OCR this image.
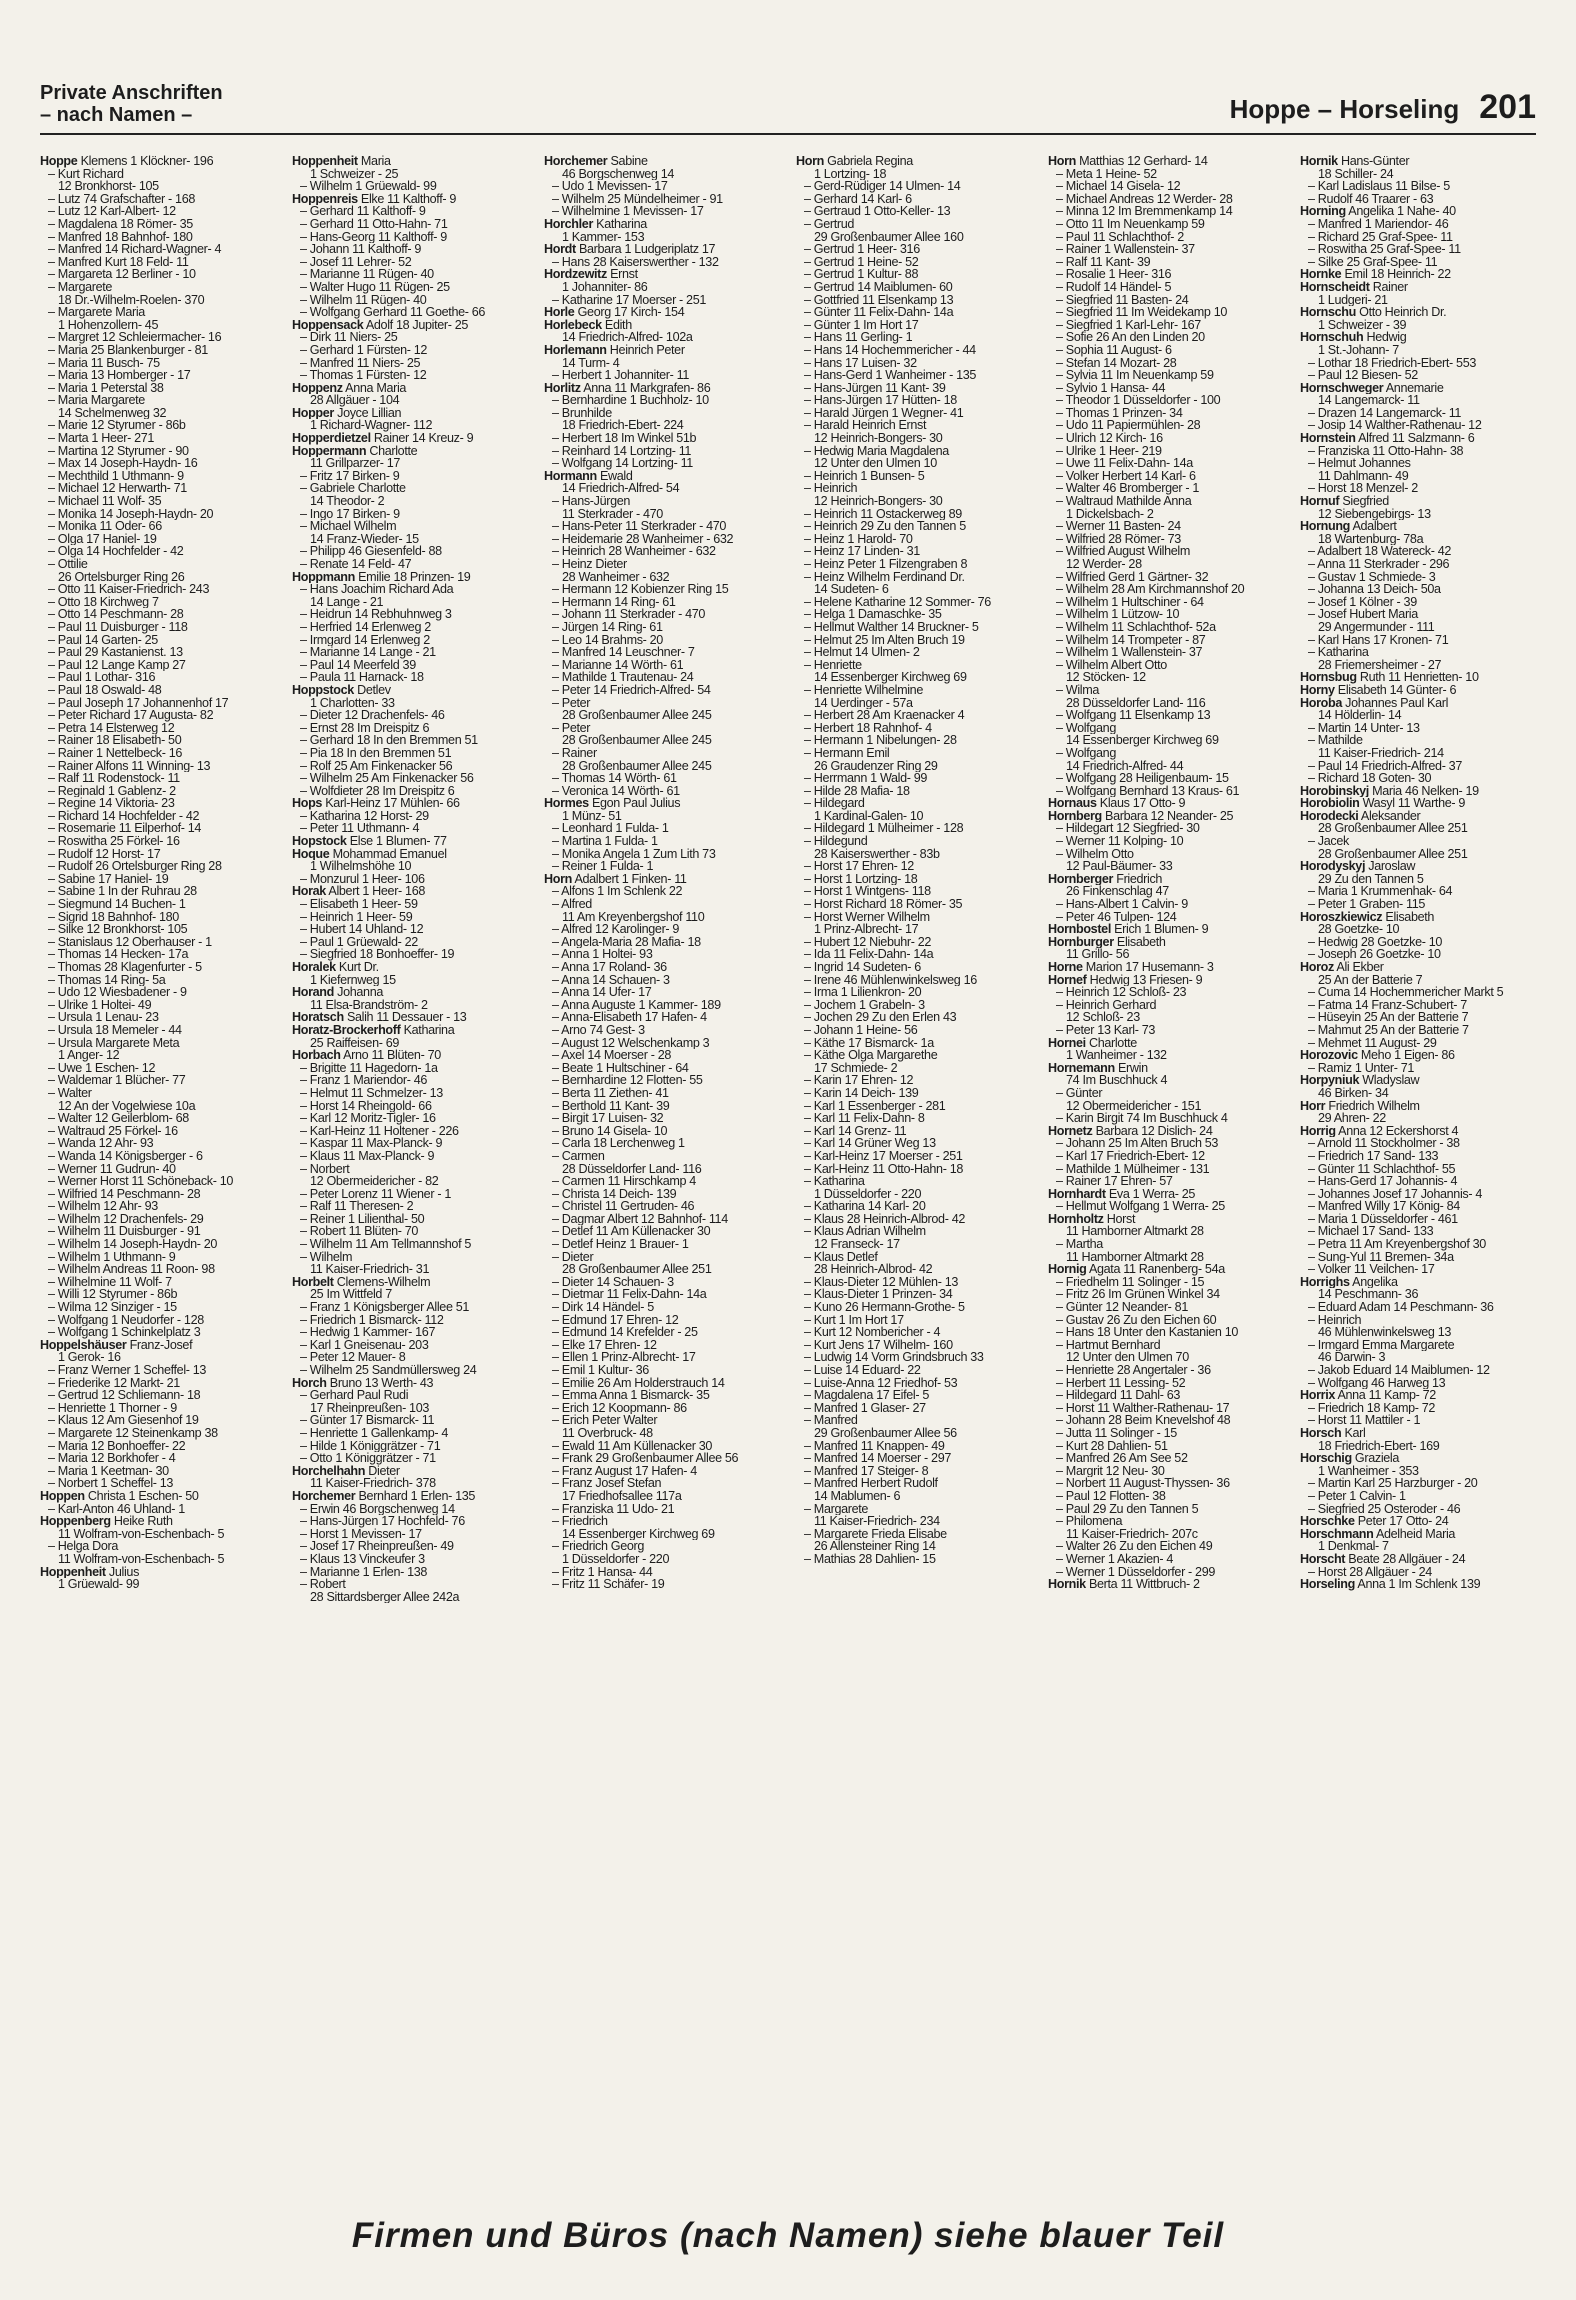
Private Anschriften
– nach Namen –	Hoppe – Horseling 201
Hoppe Klemens 1 Klöckner- 196
– Kurt Richard
12 Bronkhorst- 105
– Lutz 74 Grafschafter - 168
– Lutz 12 Karl-Albert- 12
– Magdalena 18 Römer- 35
– Manfred 18 Bahnhof- 180
– Manfred 14 Richard-Wagner- 4
– Manfred Kurt 18 Feld- 11
– Margareta 12 Berliner - 10
– Margarete
18 Dr.-Wilhelm-Roelen- 370
– Margarete Maria
1 Hohenzollern- 45
– Margret 12 Schleiermacher- 16
– Maria 25 Blankenburger - 81
– Maria 11 Busch- 75
– Maria 13 Homberger - 17
– Maria 1 Peterstal 38
– Maria Margarete
14 Schelmenweg 32
– Marie 12 Styrumer - 86b
– Marta 1 Heer- 271
– Martina 12 Styrumer - 90
– Max 14 Joseph-Haydn- 16
– Mechthild 1 Uthmann- 9
– Michael 12 Herwarth- 71
– Michael 11 Wolf- 35
– Monika 14 Joseph-Haydn- 20
– Monika 11 Oder- 66
– Olga 17 Haniel- 19
– Olga 14 Hochfelder - 42
– Ottilie
26 Ortelsburger Ring 26
– Otto 11 Kaiser-Friedrich- 243
– Otto 18 Kirchweg 7
– Otto 14 Peschmann- 28
– Paul 11 Duisburger - 118
– Paul 14 Garten- 25
– Paul 29 Kastanienst. 13
– Paul 12 Lange Kamp 27
– Paul 1 Lothar- 316
– Paul 18 Oswald- 48
– Paul Joseph 17 Johannenhof 17
– Peter Richard 17 Augusta- 82
– Petra 14 Elsterweg 12
– Rainer 18 Elisabeth- 50
– Rainer 1 Nettelbeck- 16
– Rainer Alfons 11 Winning- 13
– Ralf 11 Rodenstock- 11
– Reginald 1 Gablenz- 2
– Regine 14 Viktoria- 23
– Richard 14 Hochfelder - 42
– Rosemarie 11 Eilperhof- 14
– Roswitha 25 Förkel- 16
– Rudolf 12 Horst- 17
– Rudolf 26 Ortelsburger Ring 28
– Sabine 17 Haniel- 19
– Sabine 1 In der Ruhrau 28
– Siegmund 14 Buchen- 1
– Sigrid 18 Bahnhof- 180
– Silke 12 Bronkhorst- 105
– Stanislaus 12 Oberhauser - 1
– Thomas 14 Hecken- 17a
– Thomas 28 Klagenfurter - 5
– Thomas 14 Ring- 5a
– Udo 12 Wiesbadener - 9
– Ulrike 1 Holtei- 49
– Ursula 1 Lenau- 23
– Ursula 18 Memeler - 44
– Ursula Margarete Meta
1 Anger- 12
– Uwe 1 Eschen- 12
– Waldemar 1 Blücher- 77
– Walter
12 An der Vogelwiese 10a
– Walter 12 Geilerblom- 68
– Waltraud 25 Förkel- 16
– Wanda 12 Ahr- 93
– Wanda 14 Königsberger - 6
– Werner 11 Gudrun- 40
– Werner Horst 11 Schöneback- 10
– Wilfried 14 Peschmann- 28
– Wilhelm 12 Ahr- 93
– Wilhelm 12 Drachenfels- 29
– Wilhelm 11 Duisburger - 91
– Wilhelm 14 Joseph-Haydn- 20
– Wilhelm 1 Uthmann- 9
– Wilhelm Andreas 11 Roon- 98
– Wilhelmine 11 Wolf- 7
– Willi 12 Styrumer - 86b
– Wilma 12 Sinziger - 15
– Wolfgang 1 Neudorfer - 128
– Wolfgang 1 Schinkelplatz 3
Hoppelshäuser Franz-Josef
1 Gerok- 16
– Franz Werner 1 Scheffel- 13
– Friederike 12 Markt- 21
– Gertrud 12 Schliemann- 18
– Henriette 1 Thorner - 9
– Klaus 12 Am Giesenhof 19
– Margarete 12 Steinenkamp 38
– Maria 12 Bonhoeffer- 22
– Maria 12 Borkhofer - 4
– Maria 1 Keetman- 30
– Norbert 1 Scheffel- 13
Hoppen Christa 1 Eschen- 50
– Karl-Anton 46 Uhland- 1
Hoppenberg Heike Ruth
11 Wolfram-von-Eschenbach- 5
– Helga Dora
11 Wolfram-von-Eschenbach- 5
Hoppenheit Julius
1 Grüewald- 99
Hoppenheit Maria
1 Schweizer - 25
– Wilhelm 1 Grüewald- 99
Hoppenreis Elke 11 Kalthoff- 9
– Gerhard 11 Kalthoff- 9
– Gerhard 11 Otto-Hahn- 71
– Hans-Georg 11 Kalthoff- 9
– Johann 11 Kalthoff- 9
– Josef 11 Lehrer- 52
– Marianne 11 Rügen- 40
– Walter Hugo 11 Rügen- 25
– Wilhelm 11 Rügen- 40
– Wolfgang Gerhard 11 Goethe- 66
Hoppensack Adolf 18 Jupiter- 25
– Dirk 11 Niers- 25
– Gerhard 1 Fürsten- 12
– Manfred 11 Niers- 25
– Thomas 1 Fürsten- 12
Hoppenz Anna Maria
28 Allgäuer - 104
Hopper Joyce Lillian
1 Richard-Wagner- 112
Hopperdietzel Rainer 14 Kreuz- 9
Hoppermann Charlotte
11 Grillparzer- 17
– Fritz 17 Birken- 9
– Gabriele Charlotte
14 Theodor- 2
– Ingo 17 Birken- 9
– Michael Wilhelm
14 Franz-Wieder- 15
– Philipp 46 Giesenfeld- 88
– Renate 14 Feld- 47
Hoppmann Emilie 18 Prinzen- 19
– Hans Joachim Richard Ada
14 Lange - 21
– Heidrun 14 Rebhuhnweg 3
– Herfried 14 Erlenweg 2
– Irmgard 14 Erlenweg 2
– Marianne 14 Lange - 21
– Paul 14 Meerfeld 39
– Paula 11 Harnack- 18
Hoppstock Detlev
1 Charlotten- 33
– Dieter 12 Drachenfels- 46
– Ernst 28 Im Dreispitz 6
– Gerhard 18 In den Bremmen 51
– Pia 18 In den Bremmen 51
– Rolf 25 Am Finkenacker 56
– Wilhelm 25 Am Finkenacker 56
– Wolfdieter 28 Im Dreispitz 6
Hops Karl-Heinz 17 Mühlen- 66
– Katharina 12 Horst- 29
– Peter 11 Uthmann- 4
Hopstock Else 1 Blumen- 77
Hoque Mohammad Emanuel
1 Wilhelmshöhe 10
– Monzurul 1 Heer- 106
Horak Albert 1 Heer- 168
– Elisabeth 1 Heer- 59
– Heinrich 1 Heer- 59
– Hubert 14 Uhland- 12
– Paul 1 Grüewald- 22
– Siegfried 18 Bonhoeffer- 19
Horalek Kurt Dr.
1 Kiefernweg 15
Horand Johanna
11 Elsa-Brandström- 2
Horatsch Salih 11 Dessauer - 13
Horatz-Brockerhoff Katharina
25 Raiffeisen- 69
Horbach Arno 11 Blüten- 70
– Brigitte 11 Hagedorn- 1a
– Franz 1 Mariendor- 46
– Helmut 11 Schmelzer- 13
– Horst 14 Rheingold- 66
– Karl 12 Moritz-Tigler- 16
– Karl-Heinz 11 Holtener - 226
– Kaspar 11 Max-Planck- 9
– Klaus 11 Max-Planck- 9
– Norbert
12 Obermeidericher - 82
– Peter Lorenz 11 Wiener - 1
– Ralf 11 Theresen- 2
– Reiner 1 Lilienthal- 50
– Robert 11 Blüten- 70
– Wilhelm 11 Am Tellmannshof 5
– Wilhelm
11 Kaiser-Friedrich- 31
Horbelt Clemens-Wilhelm
25 Im Wittfeld 7
– Franz 1 Königsberger Allee 51
– Friedrich 1 Bismarck- 112
– Hedwig 1 Kammer- 167
– Karl 1 Gneisenau- 203
– Peter 12 Mauer- 8
– Wilhelm 25 Sandmüllersweg 24
Horch Bruno 13 Werth- 43
– Gerhard Paul Rudi
17 Rheinpreußen- 103
– Günter 17 Bismarck- 11
– Henriette 1 Gallenkamp- 4
– Hilde 1 Königgrätzer - 71
– Otto 1 Königgrätzer - 71
Horchelhahn Dieter
11 Kaiser-Friedrich- 378
Horchemer Bernhard 1 Erlen- 135
– Erwin 46 Borgschenweg 14
– Hans-Jürgen 17 Hochfeld- 76
– Horst 1 Mevissen- 17
– Josef 17 Rheinpreußen- 49
– Klaus 13 Vinckeufer 3
– Marianne 1 Erlen- 138
– Robert
28 Sittardsberger Allee 242a
Horchemer Sabine
46 Borgschenweg 14
– Udo 1 Mevissen- 17
– Wilhelm 25 Mündelheimer - 91
– Wilhelmine 1 Mevissen- 17
Horchler Katharina
1 Kammer- 153
Hordt Barbara 1 Ludgeriplatz 17
– Hans 28 Kaiserswerther - 132
Hordzewitz Ernst
1 Johanniter- 86
– Katharine 17 Moerser - 251
Horle Georg 17 Kirch- 154
Horlebeck Edith
14 Friedrich-Alfred- 102a
Horlemann Heinrich Peter
14 Turm- 4
– Herbert 1 Johanniter- 11
Horlitz Anna 11 Markgrafen- 86
– Bernhardine 1 Buchholz- 10
– Brunhilde
18 Friedrich-Ebert- 224
– Herbert 18 Im Winkel 51b
– Reinhard 14 Lortzing- 11
– Wolfgang 14 Lortzing- 11
Hormann Ewald
14 Friedrich-Alfred- 54
– Hans-Jürgen
11 Sterkrader - 470
– Hans-Peter 11 Sterkrader - 470
– Heidemarie 28 Wanheimer - 632
– Heinrich 28 Wanheimer - 632
– Heinz Dieter
28 Wanheimer - 632
– Hermann 12 Kobienzer Ring 15
– Hermann 14 Ring- 61
– Johann 11 Sterkrader - 470
– Jürgen 14 Ring- 61
– Leo 14 Brahms- 20
– Manfred 14 Leuschner- 7
– Marianne 14 Wörth- 61
– Mathilde 1 Trautenau- 24
– Peter 14 Friedrich-Alfred- 54
– Peter
28 Großenbaumer Allee 245
– Peter
28 Großenbaumer Allee 245
– Rainer
28 Großenbaumer Allee 245
– Thomas 14 Wörth- 61
– Veronica 14 Wörth- 61
Hormes Egon Paul Julius
1 Münz- 51
– Leonhard 1 Fulda- 1
– Martina 1 Fulda- 1
– Monika Angela 1 Zum Lith 73
– Reiner 1 Fulda- 1
Horn Adalbert 1 Finken- 11
– Alfons 1 Im Schlenk 22
– Alfred
11 Am Kreyenbergshof 110
– Alfred 12 Karolinger- 9
– Angela-Maria 28 Mafia- 18
– Anna 1 Holtei- 93
– Anna 17 Roland- 36
– Anna 14 Schauen- 3
– Anna 14 Ufer- 17
– Anna Auguste 1 Kammer- 189
– Anna-Elisabeth 17 Hafen- 4
– Arno 74 Gest- 3
– August 12 Welschenkamp 3
– Axel 14 Moerser - 28
– Beate 1 Hultschiner - 64
– Bernhardine 12 Flotten- 55
– Berta 11 Ziethen- 41
– Berthold 11 Kant- 39
– Birgit 17 Luisen- 32
– Bruno 14 Gisela- 10
– Carla 18 Lerchenweg 1
– Carmen
28 Düsseldorfer Land- 116
– Carmen 11 Hirschkamp 4
– Christa 14 Deich- 139
– Christel 11 Gertruden- 46
– Dagmar Albert 12 Bahnhof- 114
– Detlef 11 Am Küllenacker 30
– Detlef Heinz 1 Brauer- 1
– Dieter
28 Großenbaumer Allee 251
– Dieter 14 Schauen- 3
– Dietmar 11 Felix-Dahn- 14a
– Dirk 14 Händel- 5
– Edmund 17 Ehren- 12
– Edmund 14 Krefelder - 25
– Elke 17 Ehren- 12
– Ellen 1 Prinz-Albrecht- 17
– Emil 1 Kultur- 36
– Emilie 26 Am Holderstrauch 14
– Emma Anna 1 Bismarck- 35
– Erich 12 Koopmann- 86
– Erich Peter Walter
11 Overbruck- 48
– Ewald 11 Am Küllenacker 30
– Frank 29 Großenbaumer Allee 56
– Franz August 17 Hafen- 4
– Franz Josef Stefan
17 Friedhofsallee 117a
– Franziska 11 Udo- 21
– Friedrich
14 Essenberger Kirchweg 69
– Friedrich Georg
1 Düsseldorfer - 220
– Fritz 1 Hansa- 44
– Fritz 11 Schäfer- 19
Horn Gabriela Regina
1 Lortzing- 18
– Gerd-Rüdiger 14 Ulmen- 14
– Gerhard 14 Karl- 6
– Gertraud 1 Otto-Keller- 13
– Gertrud
29 Großenbaumer Allee 160
– Gertrud 1 Heer- 316
– Gertrud 1 Heine- 52
– Gertrud 1 Kultur- 88
– Gertrud 14 Maiblumen- 60
– Gottfried 11 Elsenkamp 13
– Günter 11 Felix-Dahn- 14a
– Günter 1 Im Hort 17
– Hans 11 Gerling- 1
– Hans 14 Hochemmericher - 44
– Hans 17 Luisen- 32
– Hans-Gerd 1 Wanheimer - 135
– Hans-Jürgen 11 Kant- 39
– Hans-Jürgen 17 Hütten- 18
– Harald Jürgen 1 Wegner- 41
– Harald Heinrich Ernst
12 Heinrich-Bongers- 30
– Hedwig Maria Magdalena
12 Unter den Ulmen 10
– Heinrich 1 Bunsen- 5
– Heinrich
12 Heinrich-Bongers- 30
– Heinrich 11 Ostackerweg 89
– Heinrich 29 Zu den Tannen 5
– Heinz 1 Harold- 70
– Heinz 17 Linden- 31
– Heinz Peter 1 Filzengraben 8
– Heinz Wilhelm Ferdinand Dr.
14 Sudeten- 6
– Helene Katharine 12 Sommer- 76
– Helga 1 Damaschke- 35
– Hellmut Walther 14 Bruckner- 5
– Helmut 25 Im Alten Bruch 19
– Helmut 14 Ulmen- 2
– Henriette
14 Essenberger Kirchweg 69
– Henriette Wilhelmine
14 Uerdinger - 57a
– Herbert 28 Am Kraenacker 4
– Herbert 18 Rahnhof- 4
– Hermann 1 Nibelungen- 28
– Hermann Emil
26 Graudenzer Ring 29
– Herrmann 1 Wald- 99
– Hilde 28 Mafia- 18
– Hildegard
1 Kardinal-Galen- 10
– Hildegard 1 Mülheimer - 128
– Hildegund
28 Kaiserswerther - 83b
– Horst 17 Ehren- 12
– Horst 1 Lortzing- 18
– Horst 1 Wintgens- 118
– Horst Richard 18 Römer- 35
– Horst Werner Wilhelm
1 Prinz-Albrecht- 17
– Hubert 12 Niebuhr- 22
– Ida 11 Felix-Dahn- 14a
– Ingrid 14 Sudeten- 6
– Irene 46 Mühlenwinkelsweg 16
– Irma 1 Lilienkron- 20
– Jochem 1 Grabeln- 3
– Jochen 29 Zu den Erlen 43
– Johann 1 Heine- 56
– Käthe 17 Bismarck- 1a
– Käthe Olga Margarethe
17 Schmiede- 2
– Karin 17 Ehren- 12
– Karin 14 Deich- 139
– Karl 1 Essenberger - 281
– Karl 11 Felix-Dahn- 8
– Karl 14 Grenz- 11
– Karl 14 Grüner Weg 13
– Karl-Heinz 17 Moerser - 251
– Karl-Heinz 11 Otto-Hahn- 18
– Katharina
1 Düsseldorfer - 220
– Katharina 14 Karl- 20
– Klaus 28 Heinrich-Albrod- 42
– Klaus Adrian Wilhelm
12 Franseck- 17
– Klaus Detlef
28 Heinrich-Albrod- 42
– Klaus-Dieter 12 Mühlen- 13
– Klaus-Dieter 1 Prinzen- 34
– Kuno 26 Hermann-Grothe- 5
– Kurt 1 Im Hort 17
– Kurt 12 Nombericher - 4
– Kurt Jens 17 Wilhelm- 160
– Ludwig 14 Vorm Grindsbruch 33
– Luise 14 Eduard- 22
– Luise-Anna 12 Friedhof- 53
– Magdalena 17 Eifel- 5
– Manfred 1 Glaser- 27
– Manfred
29 Großenbaumer Allee 56
– Manfred 11 Knappen- 49
– Manfred 14 Moerser - 297
– Manfred 17 Steiger- 8
– Manfred Herbert Rudolf
14 Mablumen- 6
– Margarete
11 Kaiser-Friedrich- 234
– Margarete Frieda Elisabe
26 Allensteiner Ring 14
– Mathias 28 Dahlien- 15
Horn Matthias 12 Gerhard- 14
– Meta 1 Heine- 52
– Michael 14 Gisela- 12
– Michael Andreas 12 Werder- 28
– Minna 12 Im Bremmenkamp 14
– Otto 11 Im Neuenkamp 59
– Paul 11 Schlachthof- 2
– Rainer 1 Wallenstein- 37
– Ralf 11 Kant- 39
– Rosalie 1 Heer- 316
– Rudolf 14 Händel- 5
– Siegfried 11 Basten- 24
– Siegfried 11 Im Weidekamp 10
– Siegfried 1 Karl-Lehr- 167
– Sofie 26 An den Linden 20
– Sophia 11 August- 6
– Stefan 14 Mozart- 28
– Sylvia 11 Im Neuenkamp 59
– Sylvio 1 Hansa- 44
– Theodor 1 Düsseldorfer - 100
– Thomas 1 Prinzen- 34
– Udo 11 Papiermühlen- 28
– Ulrich 12 Kirch- 16
– Ulrike 1 Heer- 219
– Uwe 11 Felix-Dahn- 14a
– Volker Herbert 14 Karl- 6
– Walter 46 Bromberger - 1
– Waltraud Mathilde Anna
1 Dickelsbach- 2
– Werner 11 Basten- 24
– Wilfried 28 Römer- 73
– Wilfried August Wilhelm
12 Werder- 28
– Wilfried Gerd 1 Gärtner- 32
– Wilhelm 28 Am Kirchmannshof 20
– Wilhelm 1 Hultschiner - 64
– Wilhelm 1 Lützow- 10
– Wilhelm 11 Schlachthof- 52a
– Wilhelm 14 Trompeter - 87
– Wilhelm 1 Wallenstein- 37
– Wilhelm Albert Otto
12 Stöcken- 12
– Wilma
28 Düsseldorfer Land- 116
– Wolfgang 11 Elsenkamp 13
– Wolfgang
14 Essenberger Kirchweg 69
– Wolfgang
14 Friedrich-Alfred- 44
– Wolfgang 28 Heiligenbaum- 15
– Wolfgang Bernhard 13 Kraus- 61
Hornaus Klaus 17 Otto- 9
Hornberg Barbara 12 Neander- 25
– Hildegart 12 Siegfried- 30
– Werner 11 Kolping- 10
– Wilhelm Otto
12 Paul-Bäumer- 33
Hornberger Friedrich
26 Finkenschlag 47
– Hans-Albert 1 Calvin- 9
– Peter 46 Tulpen- 124
Hornbostel Erich 1 Blumen- 9
Hornburger Elisabeth
11 Grillo- 56
Horne Marion 17 Husemann- 3
Hornef Hedwig 13 Friesen- 9
– Heinrich 12 Schloß- 23
– Heinrich Gerhard
12 Schloß- 23
– Peter 13 Karl- 73
Hornei Charlotte
1 Wanheimer - 132
Hornemann Erwin
74 Im Buschhuck 4
– Günter
12 Obermeidericher - 151
– Karin Birgit 74 Im Buschhuck 4
Hornetz Barbara 12 Dislich- 24
– Johann 25 Im Alten Bruch 53
– Karl 17 Friedrich-Ebert- 12
– Mathilde 1 Mülheimer - 131
– Rainer 17 Ehren- 57
Hornhardt Eva 1 Werra- 25
– Hellmut Wolfgang 1 Werra- 25
Hornholtz Horst
11 Hamborner Altmarkt 28
– Martha
11 Hamborner Altmarkt 28
Hornig Agata 11 Ranenberg- 54a
– Friedhelm 11 Solinger - 15
– Fritz 26 Im Grünen Winkel 34
– Günter 12 Neander- 81
– Gustav 26 Zu den Eichen 60
– Hans 18 Unter den Kastanien 10
– Hartmut Bernhard
12 Unter den Ulmen 70
– Henriette 28 Angertaler - 36
– Herbert 11 Lessing- 52
– Hildegard 11 Dahl- 63
– Horst 11 Walther-Rathenau- 17
– Johann 28 Beim Knevelshof 48
– Jutta 11 Solinger - 15
– Kurt 28 Dahlien- 51
– Manfred 26 Am See 52
– Margrit 12 Neu- 30
– Norbert 11 August-Thyssen- 36
– Paul 12 Flotten- 38
– Paul 29 Zu den Tannen 5
– Philomena
11 Kaiser-Friedrich- 207c
– Walter 26 Zu den Eichen 49
– Werner 1 Akazien- 4
– Werner 1 Düsseldorfer - 299
Hornik Berta 11 Wittbruch- 2
Hornik Hans-Günter
18 Schiller- 24
– Karl Ladislaus 11 Bilse- 5
– Rudolf 46 Traarer - 63
Horning Angelika 1 Nahe- 40
– Manfred 1 Mariendor- 46
– Richard 25 Graf-Spee- 11
– Roswitha 25 Graf-Spee- 11
– Silke 25 Graf-Spee- 11
Hornke Emil 18 Heinrich- 22
Hornscheidt Rainer
1 Ludgeri- 21
Hornschu Otto Heinrich Dr.
1 Schweizer - 39
Hornschuh Hedwig
1 St.-Johann- 7
– Lothar 18 Friedrich-Ebert- 553
– Paul 12 Biesen- 52
Hornschweger Annemarie
14 Langemarck- 11
– Drazen 14 Langemarck- 11
– Josip 14 Walther-Rathenau- 12
Hornstein Alfred 11 Salzmann- 6
– Franziska 11 Otto-Hahn- 38
– Helmut Johannes
11 Dahlmann- 49
– Horst 18 Menzel- 2
Hornuf Siegfried
12 Siebengebirgs- 13
Hornung Adalbert
18 Wartenburg- 78a
– Adalbert 18 Watereck- 42
– Anna 11 Sterkrader - 296
– Gustav 1 Schmiede- 3
– Johanna 13 Deich- 50a
– Josef 1 Kölner - 39
– Josef Hubert Maria
29 Angermunder - 111
– Karl Hans 17 Kronen- 71
– Katharina
28 Friemersheimer - 27
Hornsbug Ruth 11 Henrietten- 10
Horny Elisabeth 14 Günter- 6
Horoba Johannes Paul Karl
14 Hölderlin- 14
– Martin 14 Unter- 13
– Mathilde
11 Kaiser-Friedrich- 214
– Paul 14 Friedrich-Alfred- 37
– Richard 18 Goten- 30
Horobinskyj Maria 46 Nelken- 19
Horobiolin Wasyl 11 Warthe- 9
Horodecki Aleksander
28 Großenbaumer Allee 251
– Jacek
28 Großenbaumer Allee 251
Horodyskyj Jaroslaw
29 Zu den Tannen 5
– Maria 1 Krummenhak- 64
– Peter 1 Graben- 115
Horoszkiewicz Elisabeth
28 Goetzke- 10
– Hedwig 28 Goetzke- 10
– Joseph 26 Goetzke- 10
Horoz Ali Ekber
25 An der Batterie 7
– Cuma 14 Hochemmericher Markt 5
– Fatma 14 Franz-Schubert- 7
– Hüseyin 25 An der Batterie 7
– Mahmut 25 An der Batterie 7
– Mehmet 11 August- 29
Horozovic Meho 1 Eigen- 86
– Ramiz 1 Unter- 71
Horpyniuk Wladyslaw
46 Birken- 34
Horr Friedrich Wilhelm
29 Ahren- 22
Horrig Anna 12 Eckershorst 4
– Arnold 11 Stockholmer - 38
– Friedrich 17 Sand- 133
– Günter 11 Schlachthof- 55
– Hans-Gerd 17 Johannis- 4
– Johannes Josef 17 Johannis- 4
– Manfred Willy 17 König- 84
– Maria 1 Düsseldorfer - 461
– Michael 17 Sand- 133
– Petra 11 Am Kreyenbergshof 30
– Sung-Yul 11 Bremen- 34a
– Volker 11 Veilchen- 17
Horrighs Angelika
14 Peschmann- 36
– Eduard Adam 14 Peschmann- 36
– Heinrich
46 Mühlenwinkelsweg 13
– Irmgard Emma Margarete
46 Darwin- 3
– Jakob Eduard 14 Maiblumen- 12
– Wolfgang 46 Harweg 13
Horrix Anna 11 Kamp- 72
– Friedrich 18 Kamp- 72
– Horst 11 Mattiler - 1
Horsch Karl
18 Friedrich-Ebert- 169
Horschig Graziela
1 Wanheimer - 353
– Martin Karl 25 Harzburger - 20
– Peter 1 Calvin- 1
– Siegfried 25 Osteroder - 46
Horschke Peter 17 Otto- 24
Horschmann Adelheid Maria
1 Denkmal- 7
Horscht Beate 28 Allgäuer - 24
– Horst 28 Allgäuer - 24
Horseling Anna 1 Im Schlenk 139
Firmen und Büros (nach Namen) siehe blauer Teil
